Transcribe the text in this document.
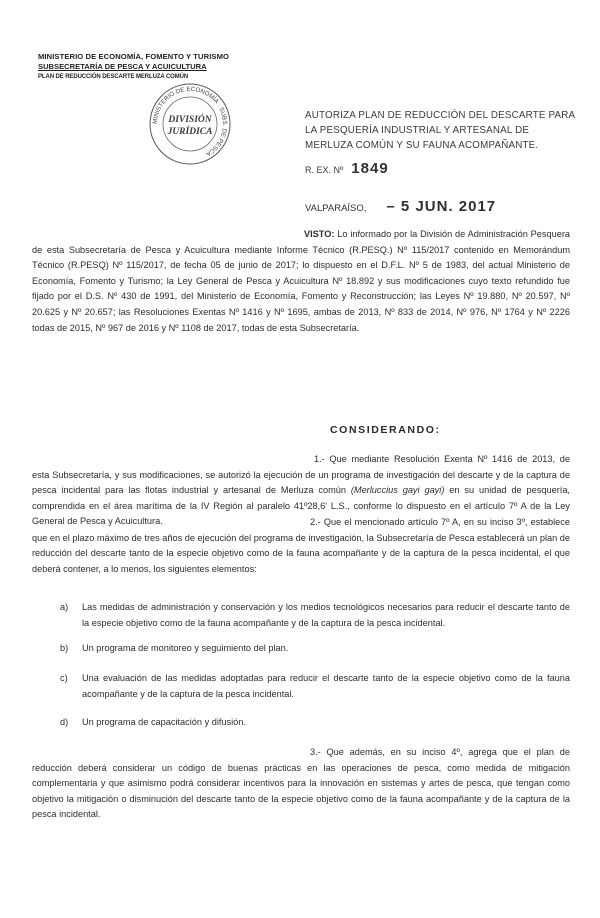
MINISTERIO DE ECONOMÍA, FOMENTO Y TURISMO
SUBSECRETARÍA DE PESCA Y ACUICULTURA
PLAN DE REDUCCIÓN DESCARTE MERLUZA COMÚN
MINISTERIO DE ECONOMÍA · SUBS. DE PESCA
DIVISIÓN
JURÍDICA
AUTORIZA PLAN DE REDUCCIÓN DEL DESCARTE PARA LA PESQUERÍA INDUSTRIAL Y ARTESANAL DE MERLUZA COMÚN Y SU FAUNA ACOMPAÑANTE.
R. EX. Nº 1849
VALPARAÍSO, – 5 JUN. 2017
VISTO: Lo informado por la División de Administración Pesquera de esta Subsecretaría de Pesca y Acuicultura mediante Informe Técnico (R.PESQ.) Nº 115/2017 contenido en Memorándum Técnico (R.PESQ) Nº 115/2017, de fecha 05 de junio de 2017; lo dispuesto en el D.F.L. Nº 5 de 1983, del actual Ministerio de Economía, Fomento y Turismo; la Ley General de Pesca y Acuicultura Nº 18.892 y sus modificaciones cuyo texto refundido fue fijado por el D.S. Nº 430 de 1991, del Ministerio de Economía, Fomento y Reconstrucción; las Leyes Nº 19.880, Nº 20.597, Nº 20.625 y Nº 20.657; las Resoluciones Exentas Nº 1416 y Nº 1695, ambas de 2013, Nº 833 de 2014, Nº 976, Nº 1764 y Nº 2226 todas de 2015, Nº 967 de 2016 y Nº 1108 de 2017, todas de esta Subsecretaría.
CONSIDERANDO:
1.- Que mediante Resolución Exenta Nº 1416 de 2013, de esta Subsecretaría, y sus modificaciones, se autorizó la ejecución de un programa de investigación del descarte y de la captura de pesca incidental para las flotas industrial y artesanal de Merluza común (Merluccius gayi gayi) en su unidad de pesquería, comprendida en el área marítima de la IV Región al paralelo 41º28,6' L.S., conforme lo dispuesto en el artículo 7º A de la Ley General de Pesca y Acuicultura.	2.- Que el mencionado artículo 7º A, en su inciso 3º, establece que en el plazo máximo de tres años de ejecución del programa de investigación, la Subsecretaría de Pesca establecerá un plan de reducción del descarte tanto de la especie objetivo como de la fauna acompañante y de la captura de la pesca incidental, el que deberá contener, a lo menos, los siguientes elementos:
a) Las medidas de administración y conservación y los medios tecnológicos necesarios para reducir el descarte tanto de la especie objetivo como de la fauna acompañante y de la captura de la pesca incidental.
b) Un programa de monitoreo y seguimiento del plan.
c) Una evaluación de las medidas adoptadas para reducir el descarte tanto de la especie objetivo como de la fauna acompañante y de la captura de la pesca incidental.
d) Un programa de capacitación y difusión.
3.- Que además, en su inciso 4º, agrega que el plan de reducción deberá considerar un código de buenas prácticas en las operaciones de pesca, como medida de mitigación complementaria y que asimismo podrá considerar incentivos para la innovación en sistemas y artes de pesca, que tengan como objetivo la mitigación o disminución del descarte tanto de la especie objetivo como de la fauna acompañante y de la captura de la pesca incidental.
